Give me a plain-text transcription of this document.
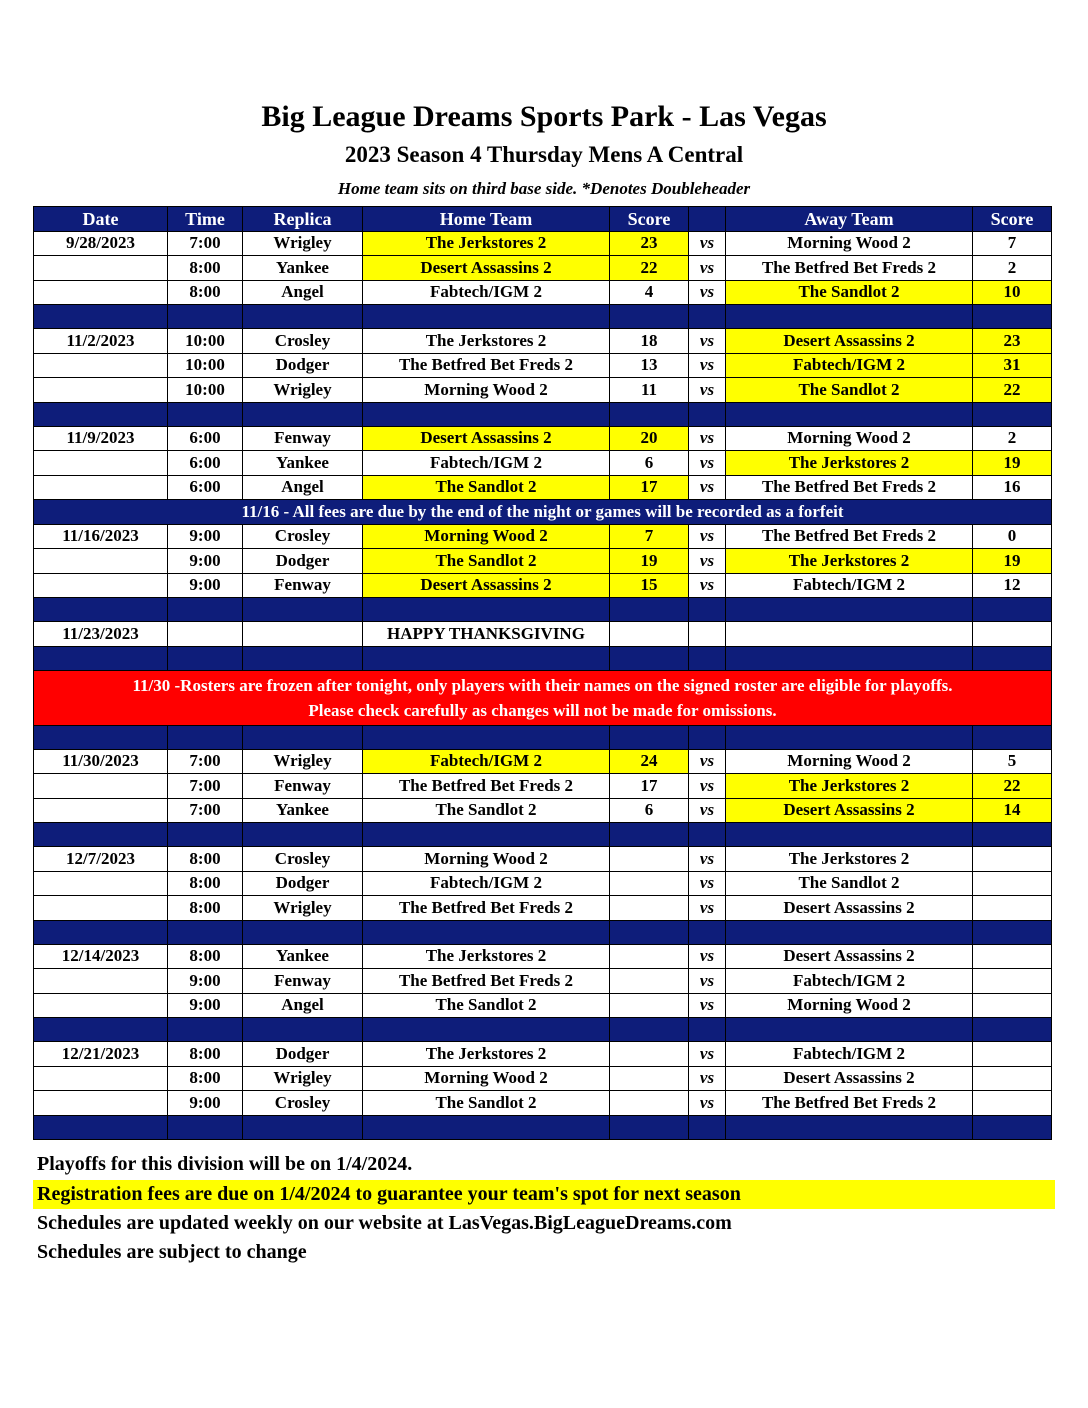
Big League Dreams Sports Park - Las Vegas
2023 Season 4 Thursday Mens A Central
Home team sits on third base side. *Denotes Doubleheader
Date	Time	Replica	Home Team	Score		Away Team	Score
9/28/2023	7:00	Wrigley	The Jerkstores 2	23	vs	Morning Wood 2	7
	8:00	Yankee	Desert Assassins 2	22	vs	The Betfred Bet Freds 2	2
	8:00	Angel	Fabtech/IGM 2	4	vs	The Sandlot 2	10

11/2/2023	10:00	Crosley	The Jerkstores 2	18	vs	Desert Assassins 2	23
	10:00	Dodger	The Betfred Bet Freds 2	13	vs	Fabtech/IGM 2	31
	10:00	Wrigley	Morning Wood 2	11	vs	The Sandlot 2	22

11/9/2023	6:00	Fenway	Desert Assassins 2	20	vs	Morning Wood 2	2
	6:00	Yankee	Fabtech/IGM 2	6	vs	The Jerkstores 2	19
	6:00	Angel	The Sandlot 2	17	vs	The Betfred Bet Freds 2	16
11/16 - All fees are due by the end of the night or games will be recorded as a forfeit							
11/16/2023	9:00	Crosley	Morning Wood 2	7	vs	The Betfred Bet Freds 2	0
	9:00	Dodger	The Sandlot 2	19	vs	The Jerkstores 2	19
	9:00	Fenway	Desert Assassins 2	15	vs	Fabtech/IGM 2	12

11/23/2023			HAPPY THANKSGIVING				

11/30 -Rosters are frozen after tonight, only players with their names on the signed roster are eligible for playoffs.
Please check carefully as changes will not be made for omissions.							

11/30/2023	7:00	Wrigley	Fabtech/IGM 2	24	vs	Morning Wood 2	5
	7:00	Fenway	The Betfred Bet Freds 2	17	vs	The Jerkstores 2	22
	7:00	Yankee	The Sandlot 2	6	vs	Desert Assassins 2	14

12/7/2023	8:00	Crosley	Morning Wood 2		vs	The Jerkstores 2	
	8:00	Dodger	Fabtech/IGM 2		vs	The Sandlot 2	
	8:00	Wrigley	The Betfred Bet Freds 2		vs	Desert Assassins 2	

12/14/2023	8:00	Yankee	The Jerkstores 2		vs	Desert Assassins 2	
	9:00	Fenway	The Betfred Bet Freds 2		vs	Fabtech/IGM 2	
	9:00	Angel	The Sandlot 2		vs	Morning Wood 2	

12/21/2023	8:00	Dodger	The Jerkstores 2		vs	Fabtech/IGM 2	
	8:00	Wrigley	Morning Wood 2		vs	Desert Assassins 2	
	9:00	Crosley	The Sandlot 2		vs	The Betfred Bet Freds 2	

Playoffs for this division will be on 1/4/2024.
Registration fees are due on 1/4/2024 to guarantee your team's spot for next season
Schedules are updated weekly on our website at LasVegas.BigLeagueDreams.com
Schedules are subject to change
